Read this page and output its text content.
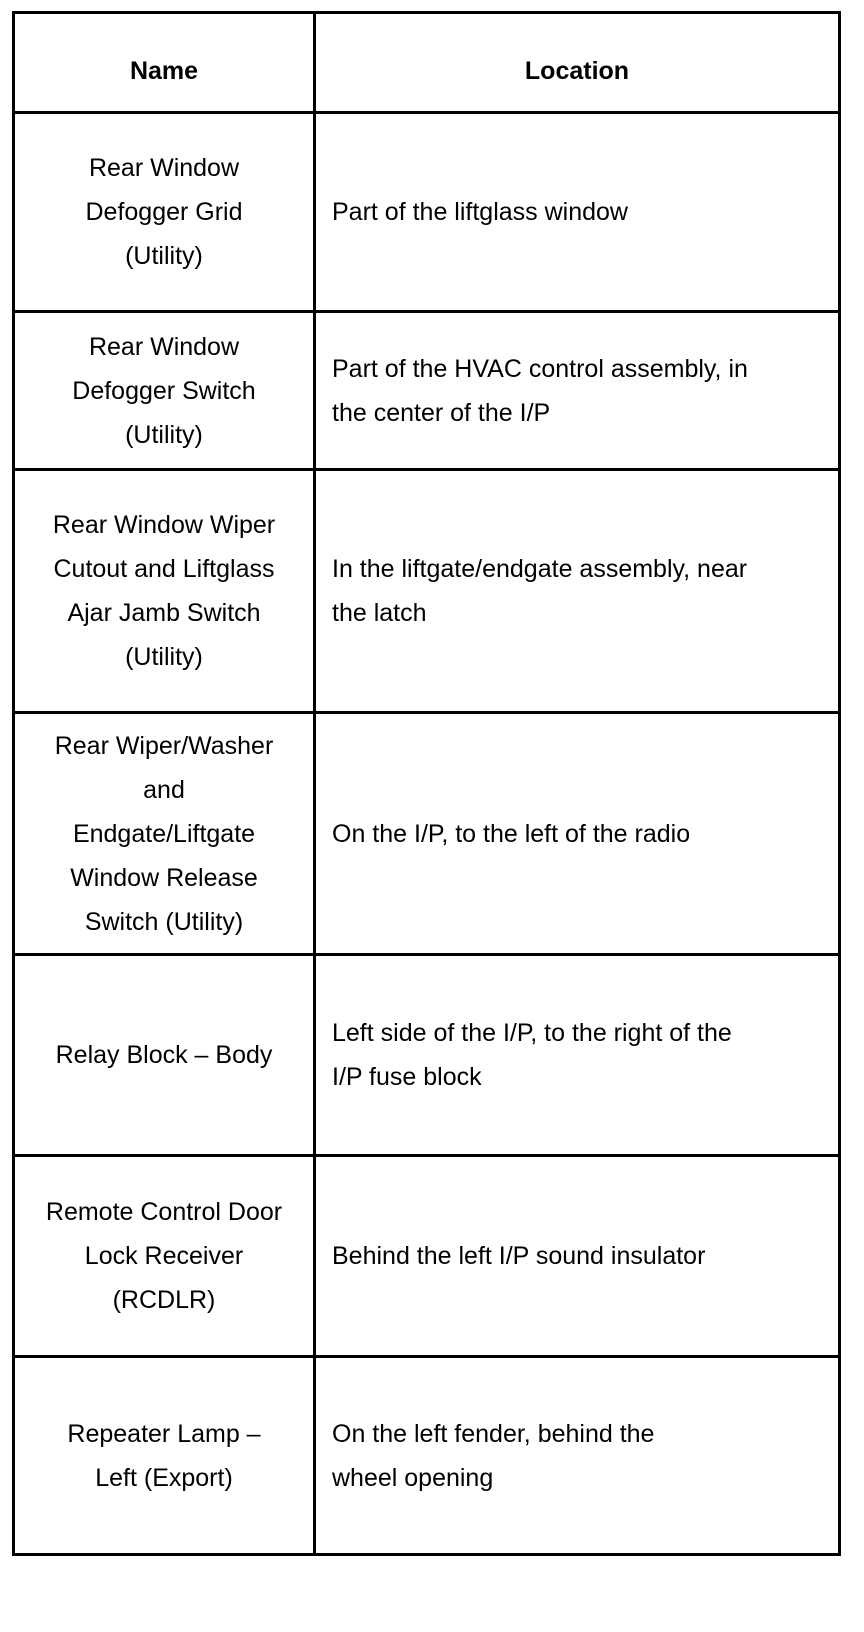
Name	Location
Rear Window Defogger Grid (Utility)	Part of the liftglass window
Rear Window Defogger Switch (Utility)	Part of the HVAC control assembly, in the center of the I/P
Rear Window Wiper Cutout and Liftglass Ajar Jamb Switch (Utility)	In the liftgate/endgate assembly, near the latch
Rear Wiper/Washer and Endgate/Liftgate Window Release Switch (Utility)	On the I/P, to the left of the radio
Relay Block – Body	Left side of the I/P, to the right of the I/P fuse block
Remote Control Door Lock Receiver (RCDLR)	Behind the left I/P sound insulator
Repeater Lamp – Left (Export)	On the left fender, behind the wheel opening
